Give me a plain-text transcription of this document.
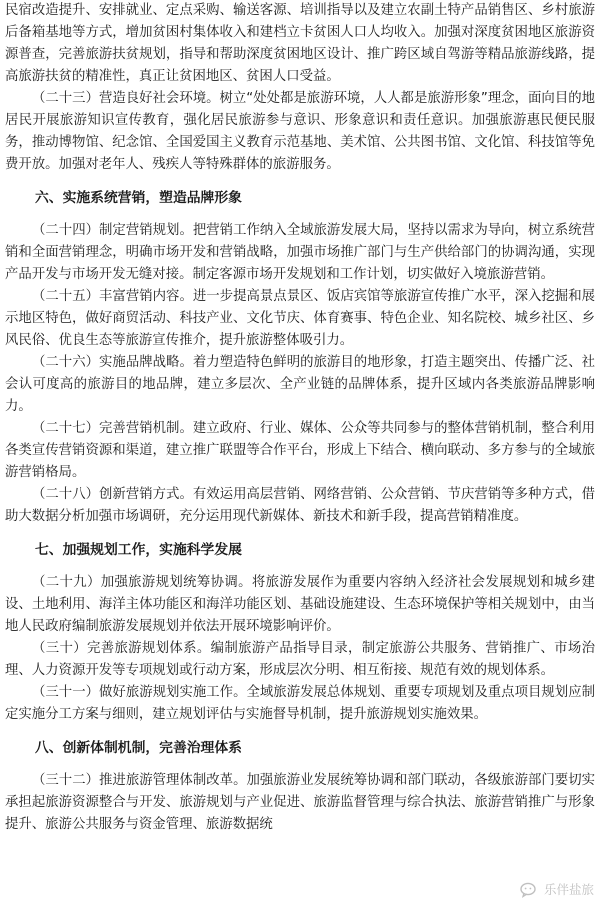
民宿改造提升、安排就业、定点采购、输送客源、培训指导以及建立农副土特产品销售区、乡村旅游后备箱基地等方式，增加贫困村集体收入和建档立卡贫困人口人均收入。加强对深度贫困地区旅游资源普查，完善旅游扶贫规划，指导和帮助深度贫困地区设计、推广跨区域自驾游等精品旅游线路，提高旅游扶贫的精准性，真正让贫困地区、贫困人口受益。

（二十三）营造良好社会环境。树立“处处都是旅游环境，人人都是旅游形象”理念，面向目的地居民开展旅游知识宣传教育，强化居民旅游参与意识、形象意识和责任意识。加强旅游惠民便民服务，推动博物馆、纪念馆、全国爱国主义教育示范基地、美术馆、公共图书馆、文化馆、科技馆等免费开放。加强对老年人、残疾人等特殊群体的旅游服务。

六、实施系统营销，塑造品牌形象

（二十四）制定营销规划。把营销工作纳入全域旅游发展大局，坚持以需求为导向，树立系统营销和全面营销理念，明确市场开发和营销战略，加强市场推广部门与生产供给部门的协调沟通，实现产品开发与市场开发无缝对接。制定客源市场开发规划和工作计划，切实做好入境旅游营销。

（二十五）丰富营销内容。进一步提高景点景区、饭店宾馆等旅游宣传推广水平，深入挖掘和展示地区特色，做好商贸活动、科技产业、文化节庆、体育赛事、特色企业、知名院校、城乡社区、乡风民俗、优良生态等旅游宣传推介，提升旅游整体吸引力。

（二十六）实施品牌战略。着力塑造特色鲜明的旅游目的地形象，打造主题突出、传播广泛、社会认可度高的旅游目的地品牌，建立多层次、全产业链的品牌体系，提升区域内各类旅游品牌影响力。

（二十七）完善营销机制。建立政府、行业、媒体、公众等共同参与的整体营销机制，整合利用各类宣传营销资源和渠道，建立推广联盟等合作平台，形成上下结合、横向联动、多方参与的全域旅游营销格局。

（二十八）创新营销方式。有效运用高层营销、网络营销、公众营销、节庆营销等多种方式，借助大数据分析加强市场调研，充分运用现代新媒体、新技术和新手段，提高营销精准度。

七、加强规划工作，实施科学发展

（二十九）加强旅游规划统筹协调。将旅游发展作为重要内容纳入经济社会发展规划和城乡建设、土地利用、海洋主体功能区和海洋功能区划、基础设施建设、生态环境保护等相关规划中，由当地人民政府编制旅游发展规划并依法开展环境影响评价。

（三十）完善旅游规划体系。编制旅游产品指导目录，制定旅游公共服务、营销推广、市场治理、人力资源开发等专项规划或行动方案，形成层次分明、相互衔接、规范有效的规划体系。

（三十一）做好旅游规划实施工作。全域旅游发展总体规划、重要专项规划及重点项目规划应制定实施分工方案与细则，建立规划评估与实施督导机制，提升旅游规划实施效果。

八、创新体制机制，完善治理体系

（三十二）推进旅游管理体制改革。加强旅游业发展统筹协调和部门联动，各级旅游部门要切实承担起旅游资源整合与开发、旅游规划与产业促进、旅游监督管理与综合执法、旅游营销推广与形象提升、旅游公共服务与资金管理、旅游数据统

乐伴盐旅
